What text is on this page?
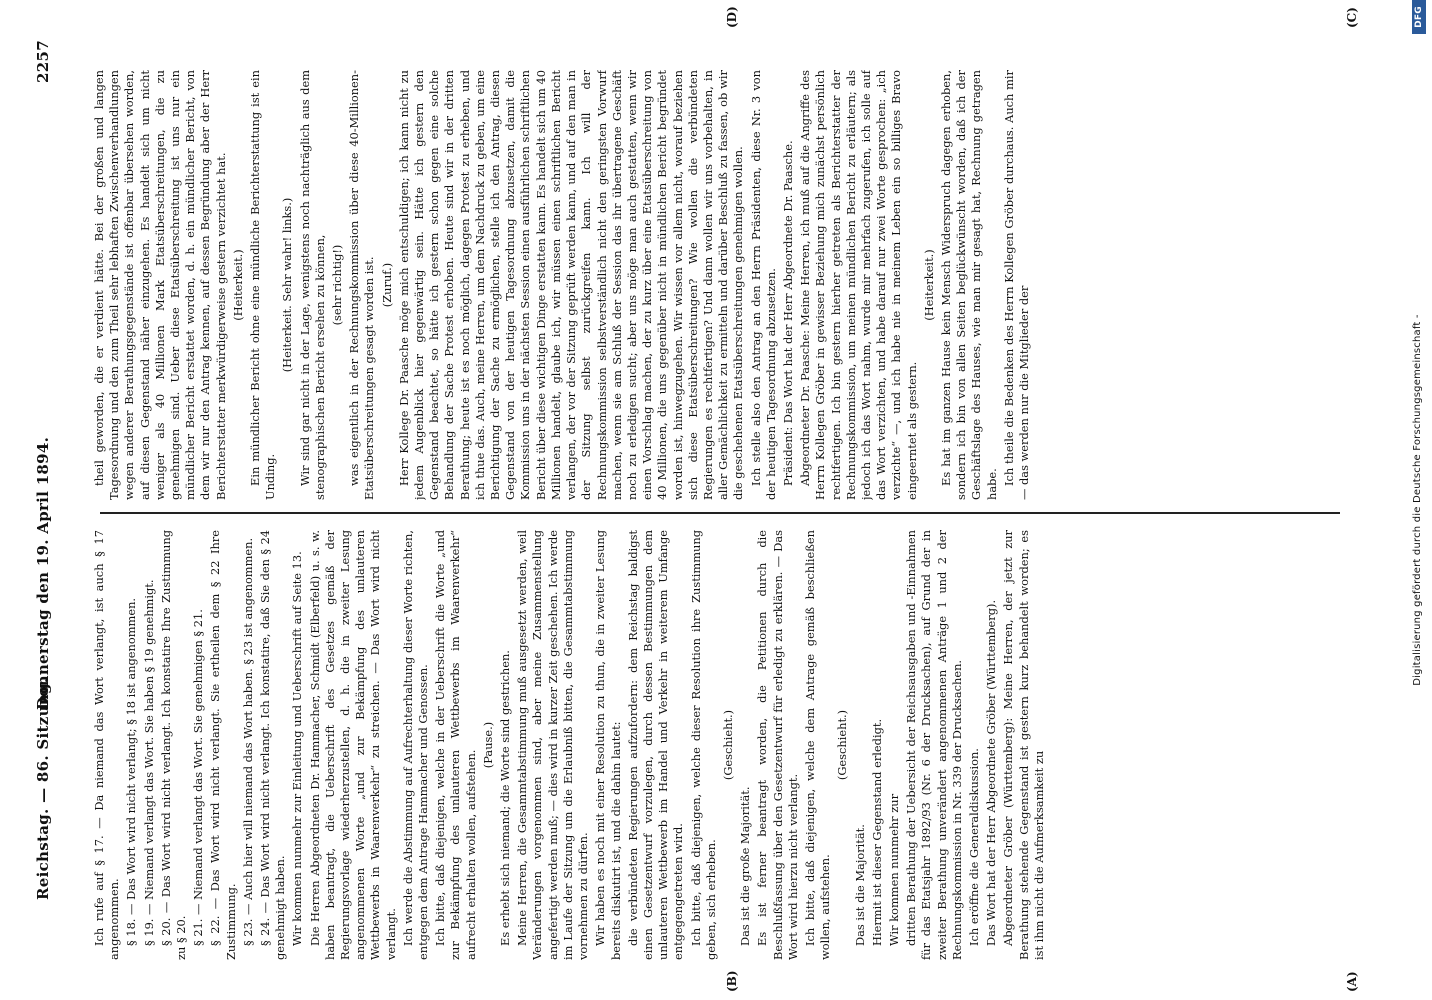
Reichstag. — 86. Sitzung.
Donnerstag den 19. April 1894.
2257
(A)
(B)
(C)
(D)

Ich rufe auf § 17. — Da niemand das Wort verlangt, ist auch § 17 angenommen. § 18. — Das Wort wird nicht verlangt; § 18 ist angenommen. § 19. — Niemand verlangt das Wort. Sie haben § 19 genehmigt. § 20. — Das Wort wird nicht verlangt. Ich konstatire Ihre Zustimmung zu § 20. § 21. — Niemand verlangt das Wort. Sie genehmigen § 21. § 22. — Das Wort wird nicht verlangt. Sie ertheilen dem § 22 Ihre Zustimmung. § 23. — Auch hier will niemand das Wort haben. § 23 ist angenommen. § 24. — Das Wort wird nicht verlangt. Ich konstatire, daß Sie den § 24 genehmigt haben. Wir kommen nunmehr zur Einleitung und Ueberschrift auf Seite 13. Die Herren Abgeordneten Dr. Hammacher, Schmidt (Elberfeld) u. s. w. haben beantragt, die Ueberschrift des Gesetzes gemäß der Regierungsvorlage wiederherzustellen, d. h. die in zweiter Lesung angenommenen Worte „und zur Bekämpfung des unlauteren Wettbewerbs in Waarenverkehr“ zu streichen. — Das Wort wird nicht verlangt. Ich werde die Abstimmung auf Aufrechterhaltung dieser Worte richten, entgegen dem Antrage Hammacher und Genossen. Ich bitte, daß diejenigen, welche in der Ueberschrift die Worte „und zur Bekämpfung des unlauteren Wettbewerbs im Waarenverkehr“ aufrecht erhalten wollen, aufstehen.

(Pause.) Es erhebt sich niemand; die Worte sind gestrichen. Meine Herren, die Gesammtabstimmung muß ausgesetzt werden, weil Veränderungen vorgenommen sind, aber meine Zusammenstellung angefertigt werden muß; — dies wird in kurzer Zeit geschehen. Ich werde im Laufe der Sitzung um die Erlaubniß bitten, die Gesammtabstimmung vornehmen zu dürfen. Wir haben es noch mit einer Resolution zu thun, die in zweiter Lesung bereits diskutirt ist, und die dahin lautet: die verbündeten Regierungen aufzufordern: dem Reichstag baldigst einen Gesetzentwurf vorzulegen, durch dessen Bestimmungen dem unlauteren Wettbewerb im Handel und Verkehr in weiterem Umfange entgegengetreten wird. Ich bitte, daß diejenigen, welche dieser Resolution ihre Zustimmung geben, sich erheben.

(Geschieht.)

Das ist die große Majorität. Es ist ferner beantragt worden, die Petitionen durch die Beschlußfassung über den Gesetzentwurf für erledigt zu erklären. — Das Wort wird hierzu nicht verlangt. Ich bitte, daß diejenigen, welche dem Antrage gemäß beschließen wollen, aufstehen.

(Geschieht.)

Das ist die Majorität. Hiermit ist dieser Gegenstand erledigt. Wir kommen nunmehr zur dritten Berathung der Uebersicht der Reichsausgaben und -Einnahmen für das Etatsjahr 1892/93 (Nr. 6 der Drucksachen), auf Grund der in zweiter Berathung unverändert angenommenen Anträge 1 und 2 der Rechnungskommission in Nr. 339 der Drucksachen. Ich eröffne die Generaldiskussion. Das Wort hat der Herr Abgeordnete Gröber (Württemberg). Abgeordneter Gröber (Württemberg): Meine Herren, der jetzt zur Berathung stehende Gegenstand ist gestern kurz behandelt worden; es ist ihm nicht die Aufmerksamkeit zu

theil geworden, die er verdient hätte. Bei der großen und langen Tagesordnung und den zum Theil sehr lebhaften Zwischenverhandlungen wegen anderer Berathungsgegenstände ist offenbar übersehen worden, auf diesen Gegenstand näher einzugehen. Es handelt sich um nicht weniger als 40 Millionen Mark Etatsüberschreitungen, die zu genehmigen sind. Ueber diese Etatsüberschreitung ist uns nur ein mündlicher Bericht erstattet worden, d. h. ein mündlicher Bericht, von dem wir nur den Antrag kennen, auf dessen Begründung aber der Herr Berichterstatter merkwürdigerweise gestern verzichtet hat. (Heiterkeit.) Ein mündlicher Bericht ohne eine mündliche Berichterstattung ist ein Unding.

(Heiterkeit. Sehr wahr! links.) Wir sind gar nicht in der Lage, wenigstens noch nachträglich aus dem stenographischen Bericht ersehen zu können, (sehr richtig!) was eigentlich in der Rechnungskommission über diese 40-Millionen-Etatsüberschreitungen gesagt worden ist. (Zuruf.) Herr Kollege Dr. Paasche möge mich entschuldigen; ich kann nicht zu jedem Augenblick hier gegenwärtig sein. Hätte ich gestern den Gegenstand beachtet, so hätte ich gestern schon gegen eine solche Behandlung der Sache Protest erhoben. Heute sind wir in der dritten Berathung; heute ist es noch möglich, dagegen Protest zu erheben, und ich thue das. Auch, meine Herren, um dem Nachdruck zu geben, um eine Berichtigung der Sache zu ermöglichen, stelle ich den Antrag, diesen Gegenstand von der heutigen Tagesordnung abzusetzen, damit die Kommission uns in der nächsten Session einen ausführlichen schriftlichen Bericht über diese wichtigen Dinge erstatten kann. Es handelt sich um 40 Millionen handelt, glaube ich, wir müssen einen schriftlichen Bericht verlangen, der vor der Sitzung geprüft werden kann, und auf den man in der Sitzung selbst zurückgreifen kann. Ich will der Rechnungskommission selbstverständlich nicht den geringsten Vorwurf machen, wenn sie am Schluß der Session das ihr übertragene Geschäft noch zu erledigen sucht; aber uns möge man auch gestatten, wenn wir einen Vorschlag machen, der zu kurz über eine Etatsüberschreitung von 40 Millionen, die uns gegenüber nicht in mündlichen Bericht begründet worden ist, hinwegzugehen. Wir wissen vor allem nicht, worauf beziehen sich diese Etatsüberschreitungen? Wie wollen die verbündeten Regierungen es rechtfertigen? Und dann wollen wir uns vorbehalten, in aller Gemächlichkeit zu ermitteln und darüber Beschluß zu fassen, ob wir die geschehenen Etatsüberschreitungen genehmigen wollen. Ich stelle also den Antrag an den Herrn Präsidenten, diese Nr. 3 von der heutigen Tagesordnung abzusetzen. Präsident: Das Wort hat der Herr Abgeordnete Dr. Paasche. Abgeordneter Dr. Paasche: Meine Herren, ich muß auf die Angriffe des Herrn Kollegen Gröber in gewisser Beziehung mich zunächst persönlich rechtfertigen. Ich bin gestern hierher getreten als Berichterstatter der Rechnungskommission, um meinen mündlichen Bericht zu erläutern; als jedoch ich das Wort nahm, wurde mir mehrfach zugerufen, ich solle auf das Wort verzichten, und habe darauf nur zwei Worte gesprochen: „ich verzichte“ —, und ich habe nie in meinem Leben ein so billiges Bravo eingeerntet als gestern.

(Heiterkeit.) Es hat im ganzen Hause kein Mensch Widerspruch dagegen erhoben, sondern ich bin von allen Seiten beglückwünscht worden, daß ich der Geschäftslage des Hauses, wie man mir gesagt hat, Rechnung getragen habe. Ich theile die Bedenken des Herrn Kollegen Gröber durchaus. Auch mir — das werden nur die Mitglieder der	Digitalisierung gefördert durch die Deutsche Forschungsgemeinschaft -
DFG
